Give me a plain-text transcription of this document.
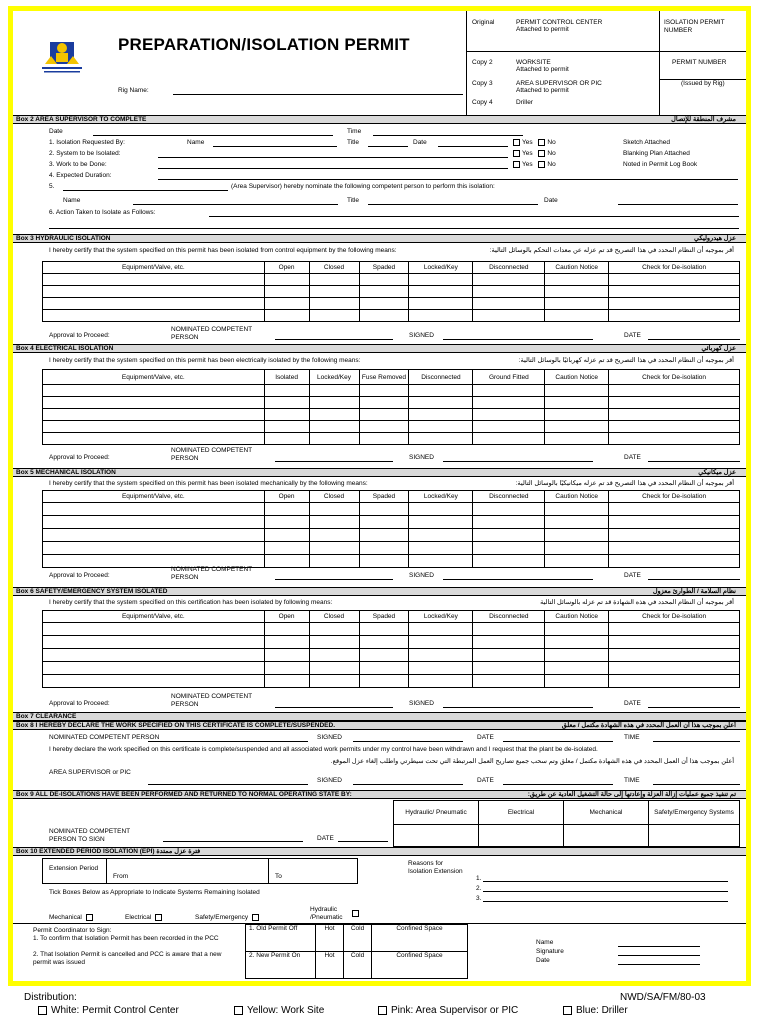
PREPARATION/ISOLATION PERMIT
Rig Name:
Original	PERMIT CONTROL CENTER
Attached to permit
Copy 2	WORKSITE
Attached to permit
Copy 3	AREA SUPERVISOR OR PIC
Attached to permit
Copy 4	Driller
ISOLATION PERMIT NUMBER
PERMIT NUMBER
(Issued by Rig)
Box 2 AREA SUPERVISOR TO COMPLETE	مشرف المنطقة للإتصال
Date	Time
1. Isolation Requested By:	Name	Title	Date
2. System to be Isolated:
3. Work to be Done:
4. Expected Duration:
Yes No
Yes No
Yes No
Sketch Attached
Blanking Plan Attached
Noted in Permit Log Book
5.	(Area Supervisor) hereby nominate the following competent person to perform this isolation:
Name	Title	Date
6. Action Taken to Isolate as Follows:
Box 3 HYDRAULIC ISOLATION	عزل هيدروليكي
I hereby certify that the system specified on this permit has been isolated from control equipment by the following means:	أقر بموجبه أن النظام المحدد في هذا التصريح قد تم عزله عن معدات التحكم بالوسائل التالية:
Equipment/Valve, etc.	Open	Closed	Spaded	Locked/Key	Disconnected	Caution Notice	Check for De-isolation

Approval to Proceed:
NOMINATED COMPETENT PERSON	SIGNED	DATE
Box 4 ELECTRICAL ISOLATION	عزل كهربائي
I hereby certify that the system specified on this permit has been electrically isolated by the following means:	أقر بموجبه أن النظام المحدد في هذا التصريح قد تم عزله كهربائيًا بالوسائل التالية:
Equipment/Valve, etc.	Isolated	Locked/Key	Fuse Removed	Disconnected	Ground Fitted	Caution Notice	Check for De-isolation

Approval to Proceed:
NOMINATED COMPETENT PERSON	SIGNED	DATE
Box 5 MECHANICAL ISOLATION	عزل ميكانيكي
I hereby certify that the system specified on this permit has been isolated mechanically by the following means:	أقر بموجبه أن النظام المحدد في هذا التصريح قد تم عزله ميكانيكيًا بالوسائل التالية:
Equipment/Valve, etc.	Open	Closed	Spaded	Locked/Key	Disconnected	Caution Notice	Check for De-isolation

Approval to Proceed:
NOMINATED COMPETENT PERSON	SIGNED	DATE
Box 6 SAFETY/EMERGENCY SYSTEM ISOLATED	نظام السلامة / الطوارئ معزول
I hereby certify that the system specified on this certification has been isolated by following means:	أقر بموجبه أن النظام المحدد في هذه الشهادة قد تم عزله بالوسائل التالية
Equipment/Valve, etc.	Open	Closed	Spaded	Locked/Key	Disconnected	Caution Notice	Check for De-isolation

Approval to Proceed:
NOMINATED COMPETENT PERSON	SIGNED	DATE
Box 7 CLEARANCE
Box 8 I HEREBY DECLARE THE WORK SPECIFIED ON THIS CERTIFICATE IS COMPLETE/SUSPENDED.	أعلن بموجب هذا أن العمل المحدد في هذه الشهادة مكتمل / معلق
NOMINATED COMPETENT PERSON	SIGNED	DATE	TIME
I hereby declare the work specified on this certificate is complete/suspended and all associated work permits under my control have been withdrawn and I request that the plant be de-isolated.
أعلن بموجب هذا أن العمل المحدد في هذه الشهادة مكتمل / معلق وتم سحب جميع تصاريح العمل المرتبطة التي تحت سيطرتي واطلب إلغاء عزل الموقع.
AREA SUPERVISOR or PIC
SIGNED	DATE	TIME
Box 9 ALL DE-ISOLATIONS HAVE BEEN PERFORMED AND RETURNED TO NORMAL OPERATING STATE BY:	تم تنفيذ جميع عمليات إزالة العزلة وإعادتها إلى حالة التشغيل العادية عن طريق:
Hydraulic/ Pneumatic	Electrical	Mechanical	Safety/Emergency Systems

NOMINATED COMPETENT PERSON TO SIGN	DATE
Box 10 EXTENDED PERIOD ISOLATION (EPI) فترة عزل ممتدة
Extension Period
From	To
Reasons for Isolation Extension
1.
2.
3.
Tick Boxes Below as Appropriate to Indicate Systems Remaining Isolated
Mechanical	Electrical	Safety/Emergency
Hydraulic /Pneumatic
Permit Coordinator to Sign:
1. To confirm that Isolation Permit has been recorded in the PCC
2. That Isolation Permit is cancelled and PCC is aware that a new permit was issued
1. Old Permit Off	Hot	Cold	Confined Space
2. New Permit On	Hot	Cold	Confined Space
Name
Signature
Date
Distribution:	NWD/SA/FM/80-03
White: Permit Control Center	Yellow: Work Site	Pink: Area Supervisor or PIC	Blue: Driller
